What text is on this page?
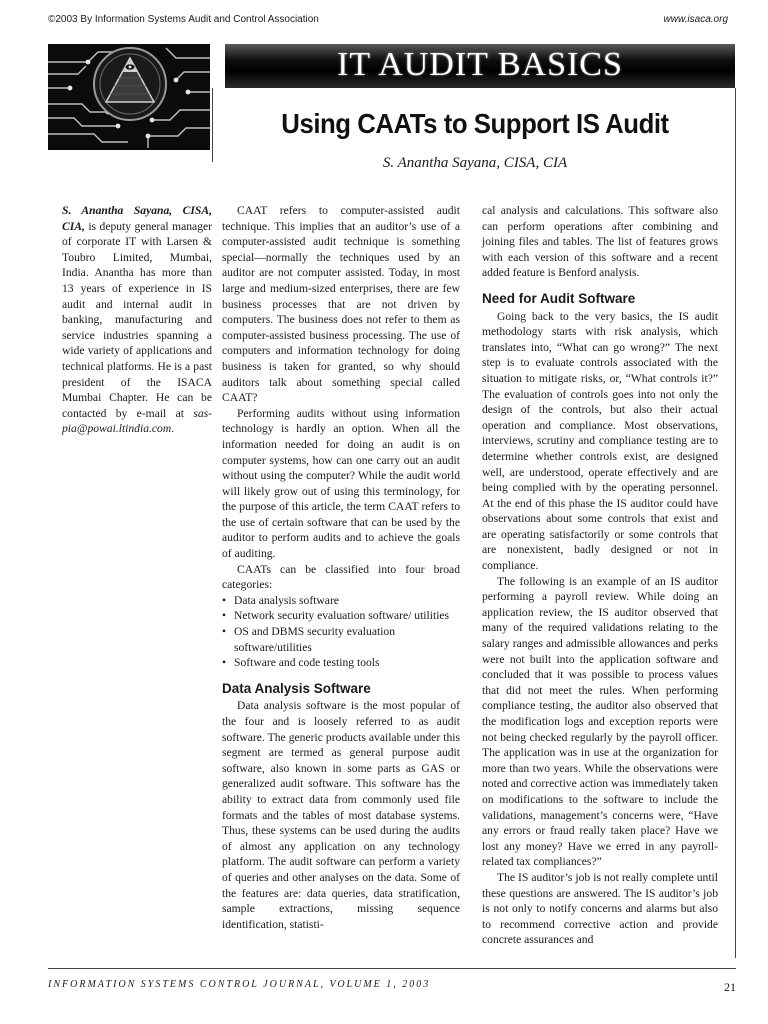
©2003 By Information Systems Audit and Control Association	www.isaca.org
IT AUDIT BASICS
Using CAATs to Support IS Audit
S. Anantha Sayana, CISA, CIA

S. Anantha Sayana, CISA, CIA, is deputy general manager of corporate IT with Larsen & Toubro Limited, Mumbai, India. Anantha has more than 13 years of experience in IS audit and internal audit in banking, manufacturing and service industries spanning a wide variety of applications and technical platforms. He is a past president of the ISACA Mumbai Chapter. He can be contacted by e-mail at sas-pia@powai.ltindia.com.

CAAT refers to computer-assisted audit technique. This implies that an auditor’s use of a computer-assisted audit technique is something special—normally the techniques used by an auditor are not computer assisted. Today, in most large and medium-sized enterprises, there are few business processes that are not driven by computers. The business does not refer to them as computer-assisted business processing. The use of computers and information technology for doing business is taken for granted, so why should auditors talk about something special called CAAT?

Performing audits without using information technology is hardly an option. When all the information needed for doing an audit is on computer systems, how can one carry out an audit without using the computer? While the audit world will likely grow out of using this terminology, for the purpose of this article, the term CAAT refers to the use of certain software that can be used by the auditor to perform audits and to achieve the goals of auditing.

CAATs can be classified into four broad categories:

• Data analysis software
• Network security evaluation software/ utilities
• OS and DBMS security evaluation software/utilities
• Software and code testing tools
Data Analysis Software

Data analysis software is the most popular of the four and is loosely referred to as audit software. The generic products available under this segment are termed as general purpose audit software, also known in some parts as GAS or generalized audit software. This software has the ability to extract data from commonly used file formats and the tables of most database systems. Thus, these systems can be used during the audits of almost any application on any technology platform. The audit software can perform a variety of queries and other analyses on the data. Some of the features are: data queries, data stratification, sample extractions, missing sequence identification, statisti-

cal analysis and calculations. This software also can perform operations after combining and joining files and tables. The list of features grows with each version of this software and a recent added feature is Benford analysis.

Need for Audit Software

Going back to the very basics, the IS audit methodology starts with risk analysis, which translates into, “What can go wrong?” The next step is to evaluate controls associated with the situation to mitigate risks, or, “What controls it?” The evaluation of controls goes into not only the design of the controls, but also their actual operation and compliance. Most observations, interviews, scrutiny and compliance testing are to determine whether controls exist, are designed well, are understood, operate effectively and are being complied with by the operating personnel. At the end of this phase the IS auditor could have observations about some controls that exist and are operating satisfactorily or some controls that are nonexistent, badly designed or not in compliance.

The following is an example of an IS auditor performing a payroll review. While doing an application review, the IS auditor observed that many of the required validations relating to the salary ranges and admissible allowances and perks were not built into the application software and concluded that it was possible to process values that did not meet the rules. When performing compliance testing, the auditor also observed that the modification logs and exception reports were not being checked regularly by the payroll officer. The application was in use at the organization for more than two years. While the observations were noted and corrective action was immediately taken on modifications to the software to include the validations, management’s concerns were, “Have any errors or fraud really taken place? Have we lost any money? Have we erred in any payroll-related tax compliances?”

The IS auditor’s job is not really complete until these questions are answered. The IS auditor’s job is not only to notify concerns and alarms but also to recommend corrective action and provide concrete assurances and

INFORMATION SYSTEMS CONTROL JOURNAL, VOLUME 1, 2003	21
